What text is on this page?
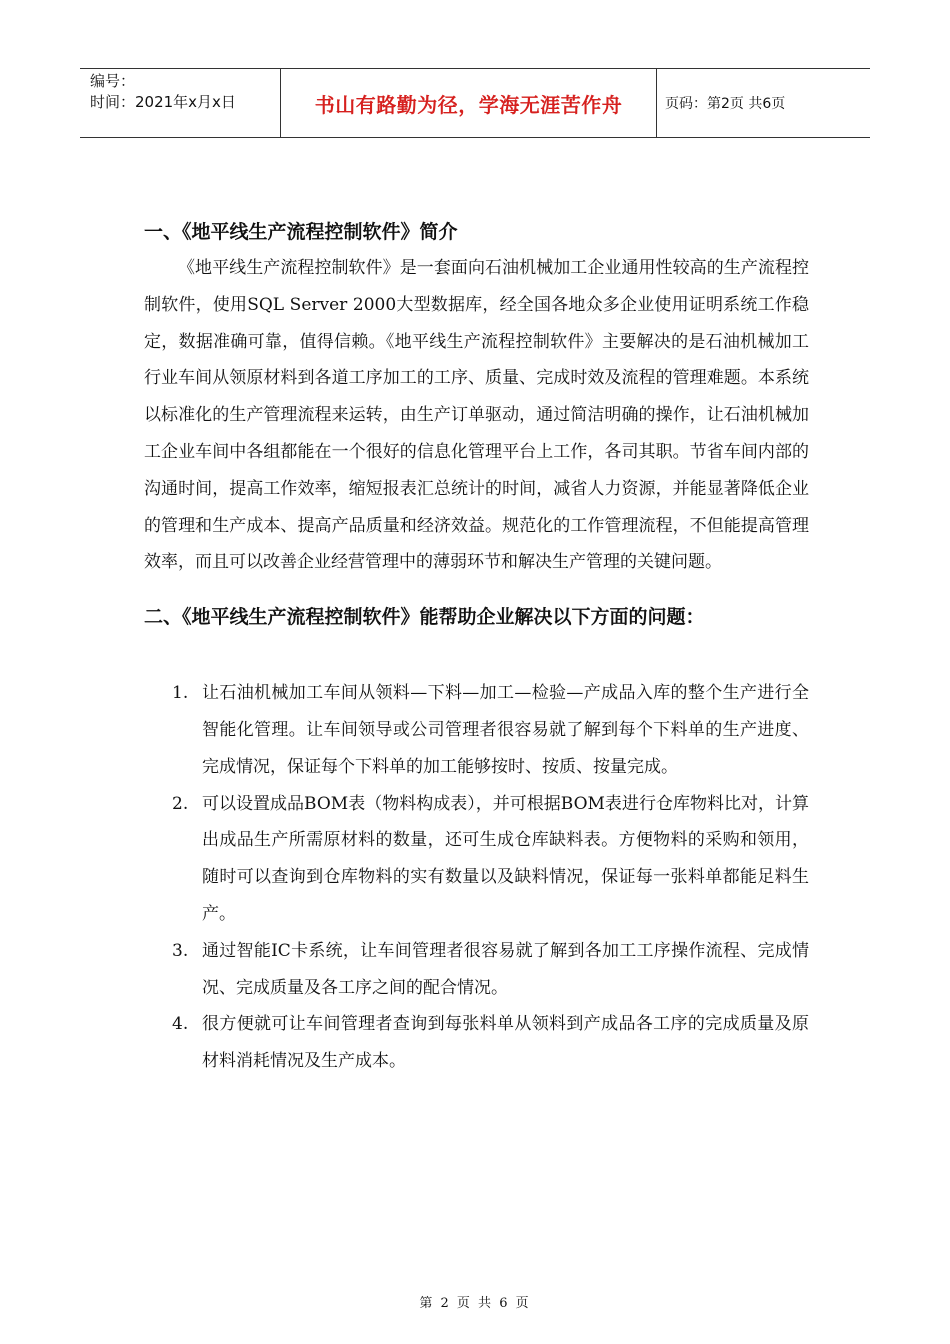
编号：
时间：2021年x月x日	书山有路勤为径，学海无涯苦作舟	页码：第2页 共6页
一、《地平线生产流程控制软件》简介

《地平线生产流程控制软件》是一套面向石油机械加工企业通用性较高的生产流程控制软件，使用SQL Server 2000大型数据库，经全国各地众多企业使用证明系统工作稳定，数据准确可靠，值得信赖。《地平线生产流程控制软件》主要解决的是石油机械加工行业车间从领原材料到各道工序加工的工序、质量、完成时效及流程的管理难题。本系统以标准化的生产管理流程来运转，由生产订单驱动，通过简洁明确的操作，让石油机械加工企业车间中各组都能在一个很好的信息化管理平台上工作，各司其职。节省车间内部的沟通时间，提高工作效率，缩短报表汇总统计的时间，减省人力资源，并能显著降低企业的管理和生产成本、提高产品质量和经济效益。规范化的工作管理流程，不但能提高管理效率，而且可以改善企业经营管理中的薄弱环节和解决生产管理的关键问题。

二、《地平线生产流程控制软件》能帮助企业解决以下方面的问题：
1. 让石油机械加工车间从领料—下料—加工—检验—产成品入库的整个生产进行全智能化管理。让车间领导或公司管理者很容易就了解到每个下料单的生产进度、完成情况，保证每个下料单的加工能够按时、按质、按量完成。
2. 可以设置成品BOM表（物料构成表），并可根据BOM表进行仓库物料比对，计算出成品生产所需原材料的数量，还可生成仓库缺料表。方便物料的采购和领用，随时可以查询到仓库物料的实有数量以及缺料情况，保证每一张料单都能足料生产。
3. 通过智能IC卡系统，让车间管理者很容易就了解到各加工工序操作流程、完成情况、完成质量及各工序之间的配合情况。
4. 很方便就可让车间管理者查询到每张料单从领料到产成品各工序的完成质量及原材料消耗情况及生产成本。
第 2 页 共 6 页
